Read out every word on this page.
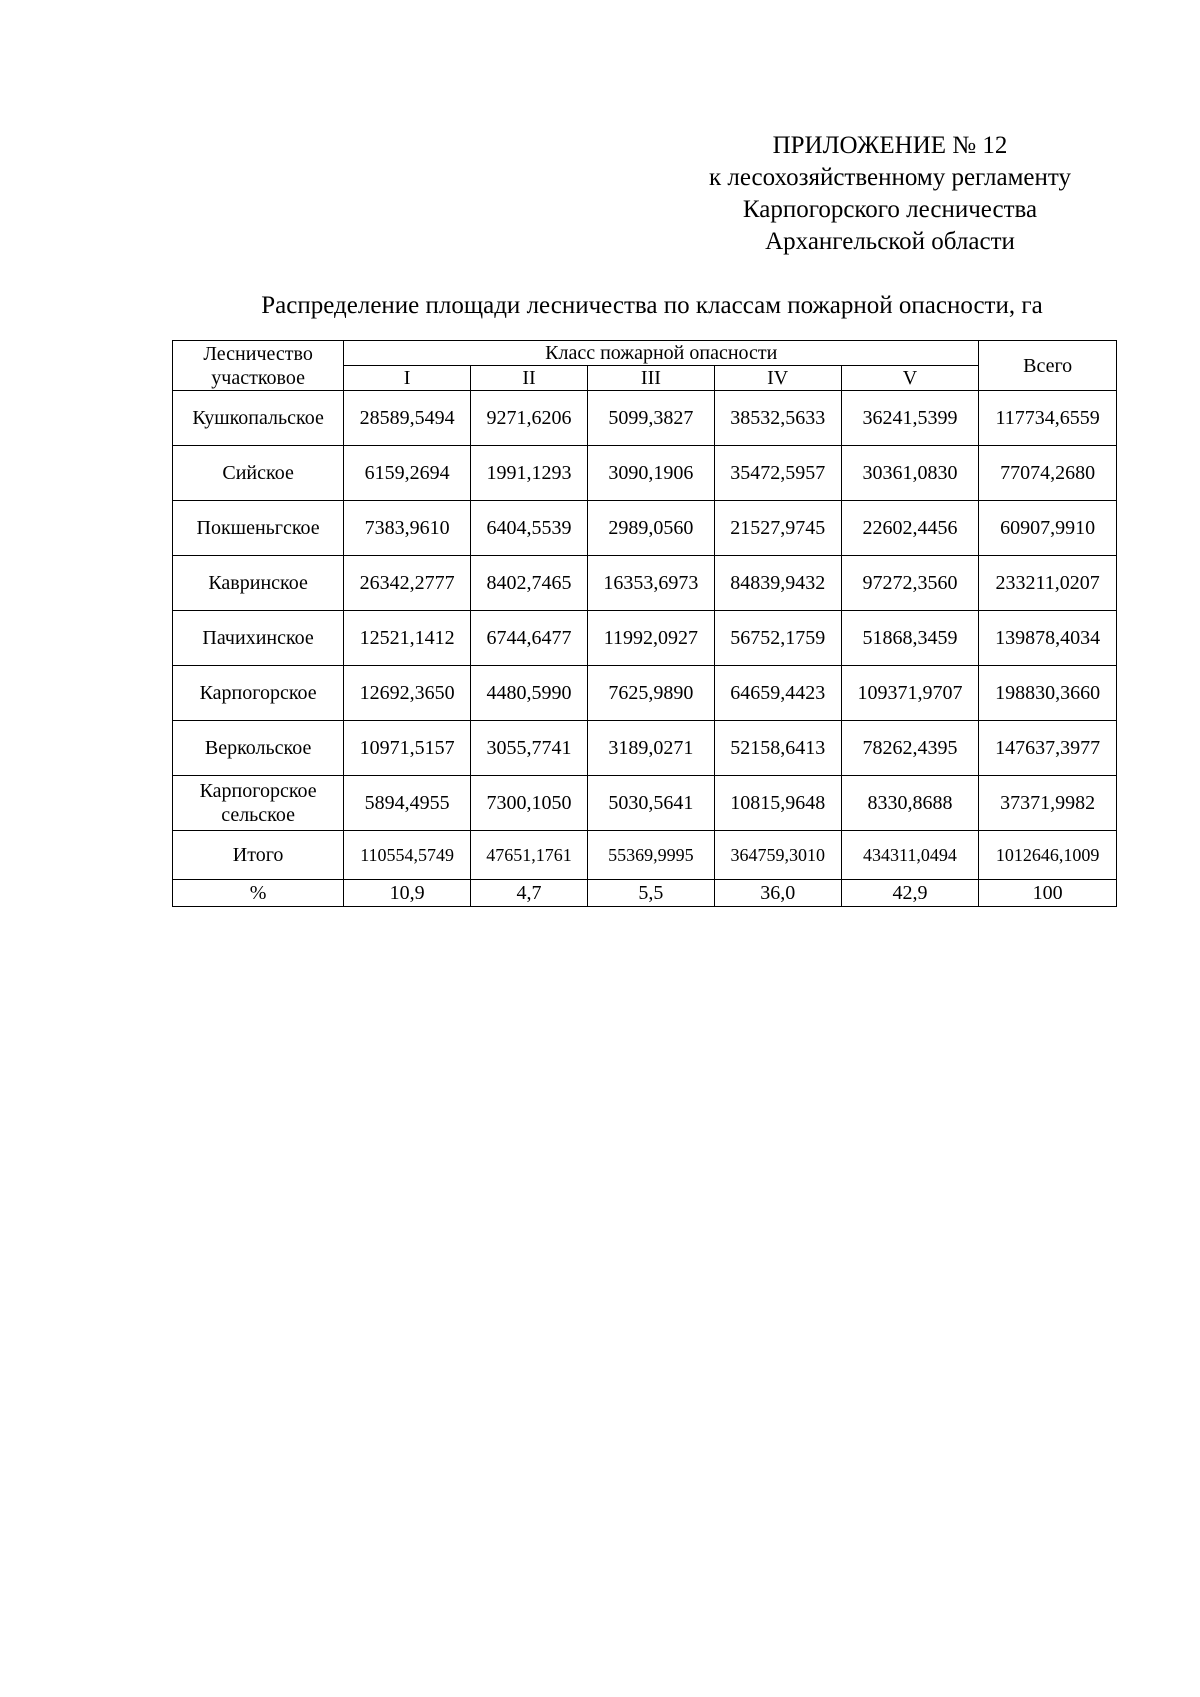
ПРИЛОЖЕНИЕ № 12
к лесохозяйственному регламенту
Карпогорского лесничества
Архангельской области
Распределение площади лесничества по классам пожарной опасности, га
Лесничество
участковое	Класс пожарной опасности					Всего
	I	II	III	IV	V	
Кушкопальское	28589,5494	9271,6206	5099,3827	38532,5633	36241,5399	117734,6559
Сийское	6159,2694	1991,1293	3090,1906	35472,5957	30361,0830	77074,2680
Покшеньгское	7383,9610	6404,5539	2989,0560	21527,9745	22602,4456	60907,9910
Кавринское	26342,2777	8402,7465	16353,6973	84839,9432	97272,3560	233211,0207
Пачихинское	12521,1412	6744,6477	11992,0927	56752,1759	51868,3459	139878,4034
Карпогорское	12692,3650	4480,5990	7625,9890	64659,4423	109371,9707	198830,3660
Веркольское	10971,5157	3055,7741	3189,0271	52158,6413	78262,4395	147637,3977
Карпогорское сельское	5894,4955	7300,1050	5030,5641	10815,9648	8330,8688	37371,9982
Итого	110554,5749	47651,1761	55369,9995	364759,3010	434311,0494	1012646,1009
%	10,9	4,7	5,5	36,0	42,9	100
